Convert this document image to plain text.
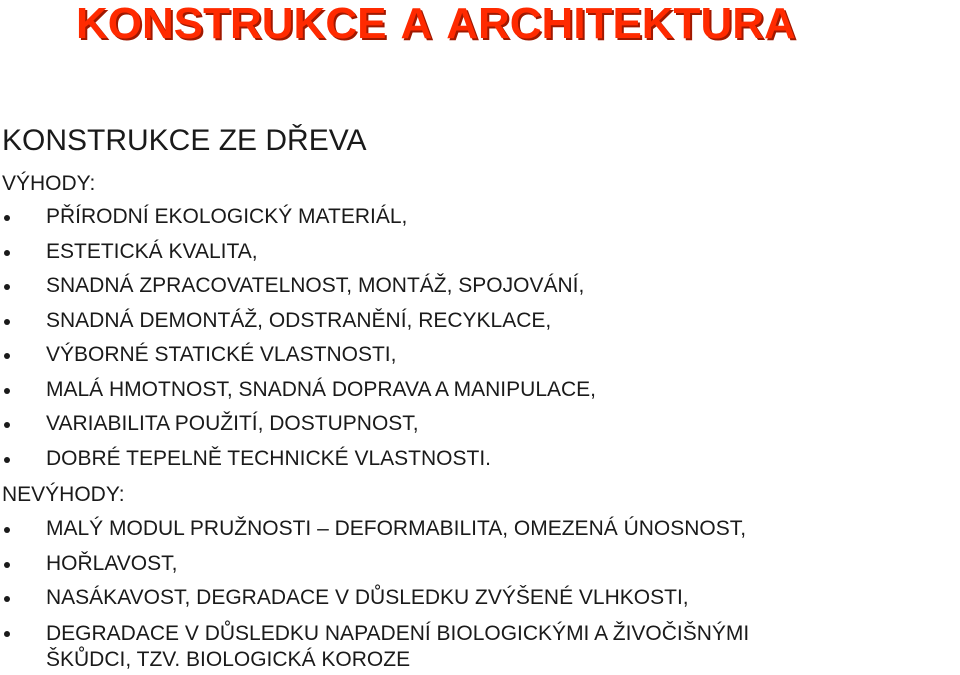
KONSTRUKCE A ARCHITEKTURA
KONSTRUKCE ZE DŘEVA

VÝHODY:

PŘÍRODNÍ EKOLOGICKÝ MATERIÁL,
ESTETICKÁ KVALITA,
SNADNÁ ZPRACOVATELNOST, MONTÁŽ, SPOJOVÁNÍ,
SNADNÁ DEMONTÁŽ, ODSTRANĚNÍ, RECYKLACE,
VÝBORNÉ STATICKÉ VLASTNOSTI,
MALÁ HMOTNOST, SNADNÁ DOPRAVA A MANIPULACE,
VARIABILITA POUŽITÍ, DOSTUPNOST,
DOBRÉ TEPELNĚ TECHNICKÉ VLASTNOSTI.

NEVÝHODY:

MALÝ MODUL PRUŽNOSTI – DEFORMABILITA, OMEZENÁ ÚNOSNOST,
HOŘLAVOST,
NASÁKAVOST, DEGRADACE V DŮSLEDKU ZVÝŠENÉ VLHKOSTI,
DEGRADACE V DŮSLEDKU NAPADENÍ BIOLOGICKÝMI A ŽIVOČIŠNÝMI
ŠKŮDCI, TZV. BIOLOGICKÁ KOROZE
